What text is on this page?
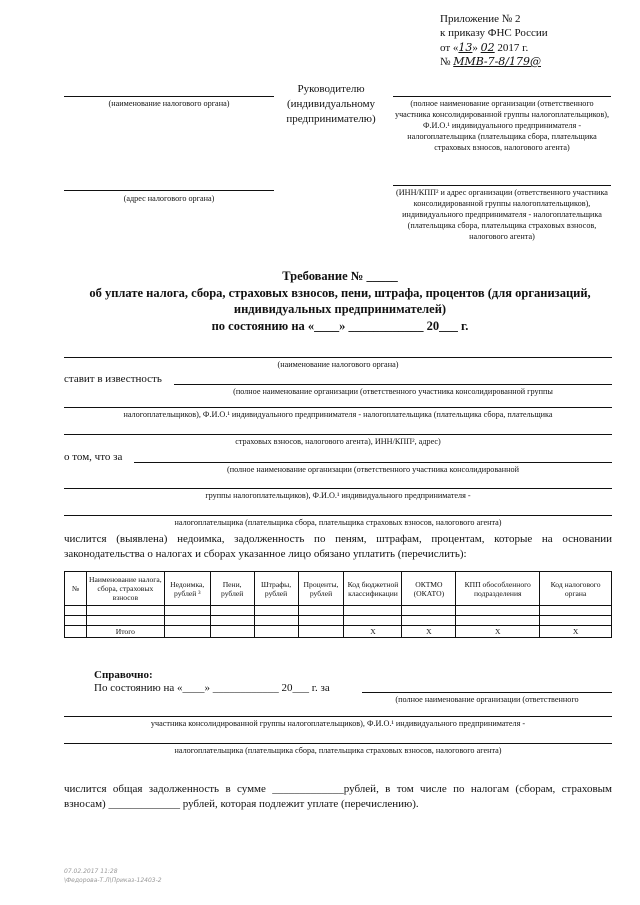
Приложение № 2
к приказу ФНС России
от «13» 02 2017 г.
№ ММВ-7-8/179@
(наименование налогового органа)
Руководителю
(индивидуальному
предпринимателю)
(полное наименование организации (ответственного участника консолидированной группы налогоплательщиков), Ф.И.О.¹ индивидуального предпринимателя - налогоплательщика (плательщика сбора, плательщика страховых взносов, налогового агента)
(адрес налогового органа)
(ИНН/КПП² и адрес организации (ответственного участника консолидированной группы налогоплательщиков), индивидуального предпринимателя - налогоплательщика (плательщика сбора, плательщика страховых взносов, налогового агента)
Требование № _____
об уплате налога, сбора, страховых взносов, пени, штрафа, процентов (для организаций, индивидуальных предпринимателей)
по состоянию на «____» ____________ 20___ г.
(наименование налогового органа)
ставит в известность
(полное наименование организации (ответственного участника консолидированной группы
налогоплательщиков), Ф.И.О.¹ индивидуального предпринимателя - налогоплательщика (плательщика сбора, плательщика
страховых взносов, налогового агента), ИНН/КПП², адрес)
о том, что за
(полное наименование организации (ответственного участника консолидированной
группы налогоплательщиков), Ф.И.О.¹ индивидуального предпринимателя -
налогоплательщика (плательщика сбора, плательщика страховых взносов, налогового агента)
числится (выявлена) недоимка, задолженность по пеням, штрафам, процентам, которые на основании законодательства о налогах и сборах указанное лицо обязано уплатить (перечислить):
№	Наименование налога, сбора, страховых взносов	Недоимка, рублей ³	Пени, рублей	Штрафы, рублей	Проценты, рублей	Код бюджетной классификации	ОКТМО (ОКАТО)	КПП обособленного подразделения	Код налогового органа

	Итого					Х	Х	Х	Х
Справочно:
По состоянию на «____» ____________ 20___ г. за
(полное наименование организации (ответственного
участника консолидированной группы налогоплательщиков), Ф.И.О.¹ индивидуального предпринимателя -
налогоплательщика (плательщика сбора, плательщика страховых взносов, налогового агента)
числится общая задолженность в сумме _____________рублей, в том числе по налогам (сборам, страховым взносам) _____________ рублей, которая подлежит уплате (перечислению).
07.02.2017 11:28
\Федорова-Т.Л\Приказ-12403-2
